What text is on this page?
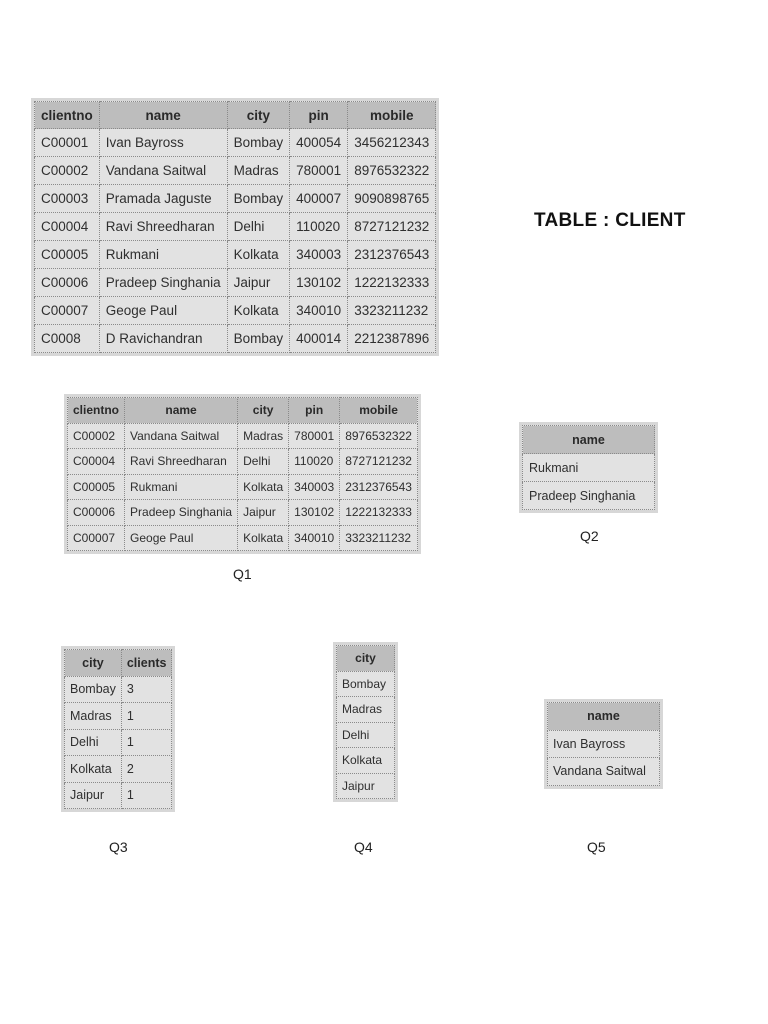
clientno	name	city	pin	mobile
C00001	Ivan Bayross	Bombay	400054	3456212343
C00002	Vandana Saitwal	Madras	780001	8976532322
C00003	Pramada Jaguste	Bombay	400007	9090898765
C00004	Ravi Shreedharan	Delhi	110020	8727121232
C00005	Rukmani	Kolkata	340003	2312376543
C00006	Pradeep Singhania	Jaipur	130102	1222132333
C00007	Geoge Paul	Kolkata	340010	3323211232
C0008	D Ravichandran	Bombay	400014	2212387896
TABLE : CLIENT
clientno	name	city	pin	mobile
C00002	Vandana Saitwal	Madras	780001	8976532322
C00004	Ravi Shreedharan	Delhi	110020	8727121232
C00005	Rukmani	Kolkata	340003	2312376543
C00006	Pradeep Singhania	Jaipur	130102	1222132333
C00007	Geoge Paul	Kolkata	340010	3323211232
Q1
name
Rukmani
Pradeep Singhania
Q2
city	clients
Bombay	3
Madras	1
Delhi	1
Kolkata	2
Jaipur	1
Q3
city
Bombay
Madras
Delhi
Kolkata
Jaipur
Q4
name
Ivan Bayross
Vandana Saitwal
Q5
